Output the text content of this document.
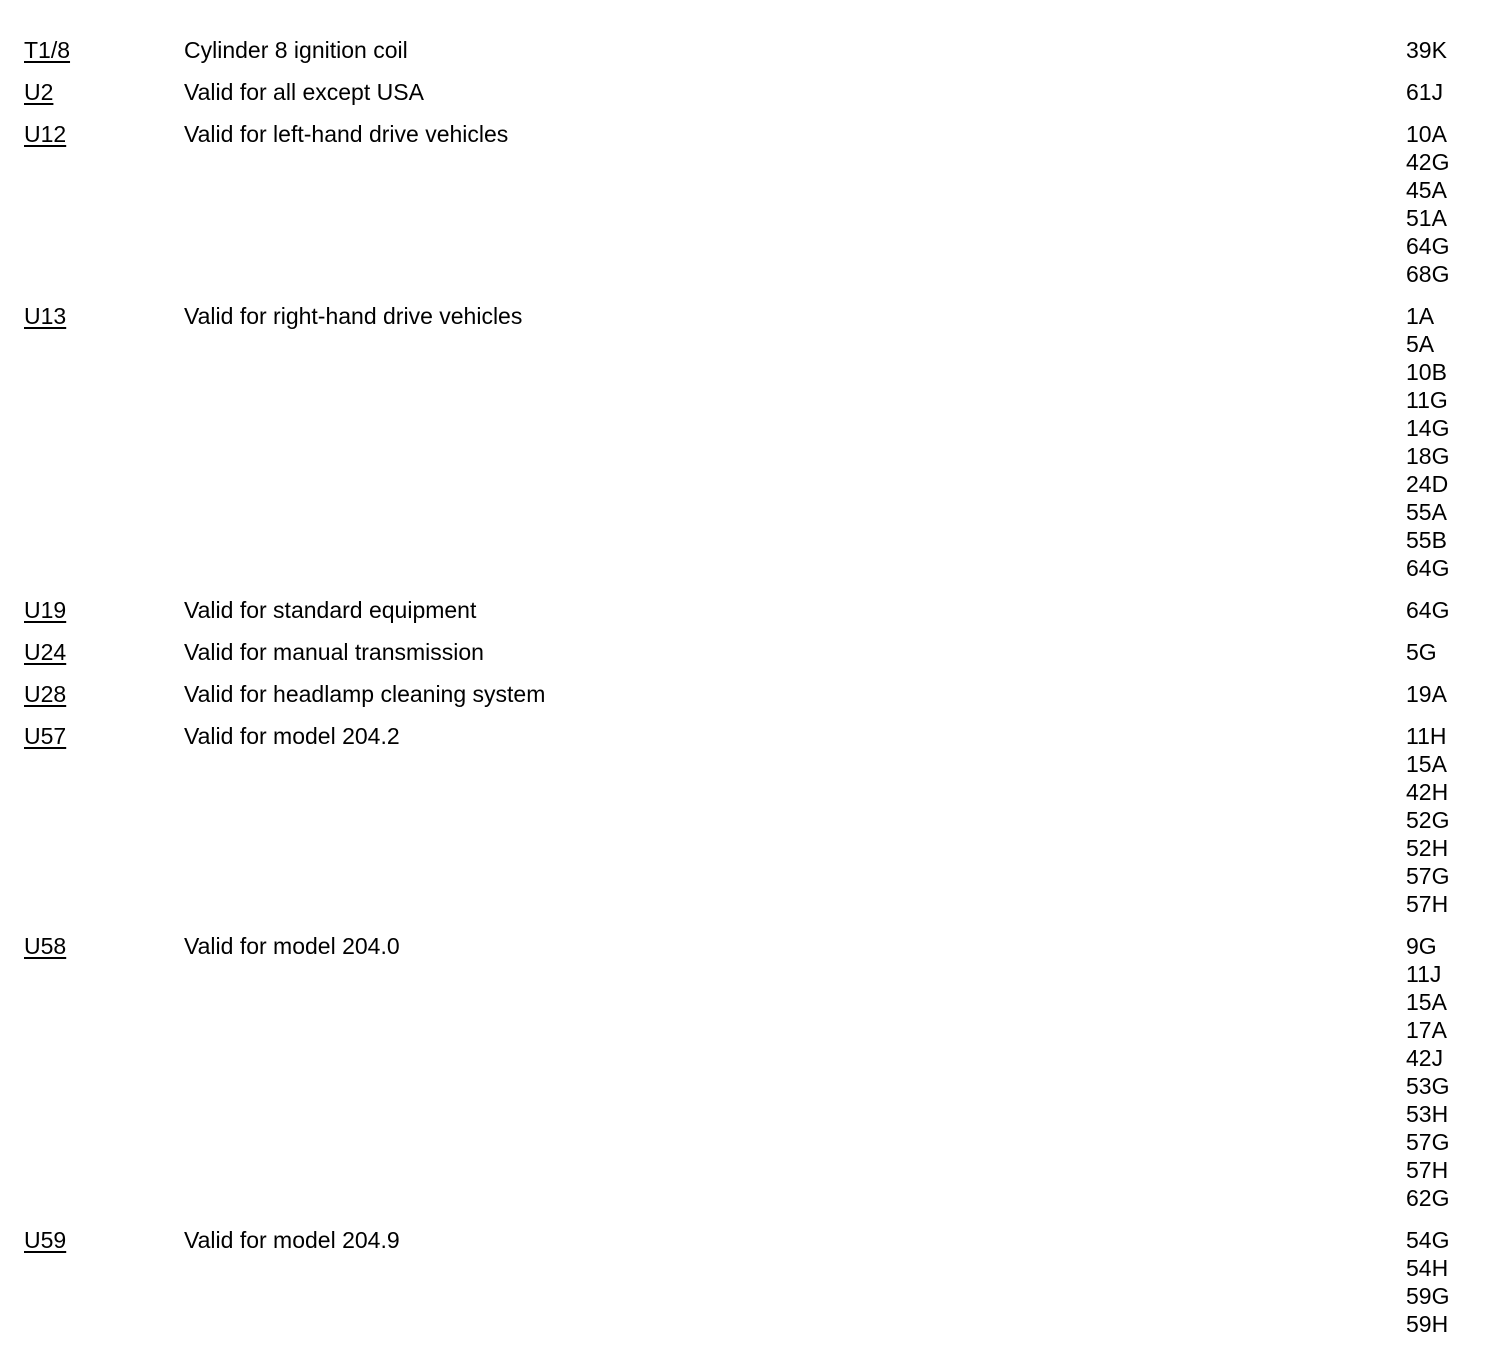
T1/8	Cylinder 8 ignition coil	39K
U2	Valid for all except USA	61J
U12	Valid for left-hand drive vehicles	10A
42G
45A
51A
64G
68G
U13	Valid for right-hand drive vehicles	1A
5A
10B
11G
14G
18G
24D
55A
55B
64G
U19	Valid for standard equipment	64G
U24	Valid for manual transmission	5G
U28	Valid for headlamp cleaning system	19A
U57	Valid for model 204.2	11H
15A
42H
52G
52H
57G
57H
U58	Valid for model 204.0	9G
11J
15A
17A
42J
53G
53H
57G
57H
62G
U59	Valid for model 204.9	54G
54H
59G
59H
